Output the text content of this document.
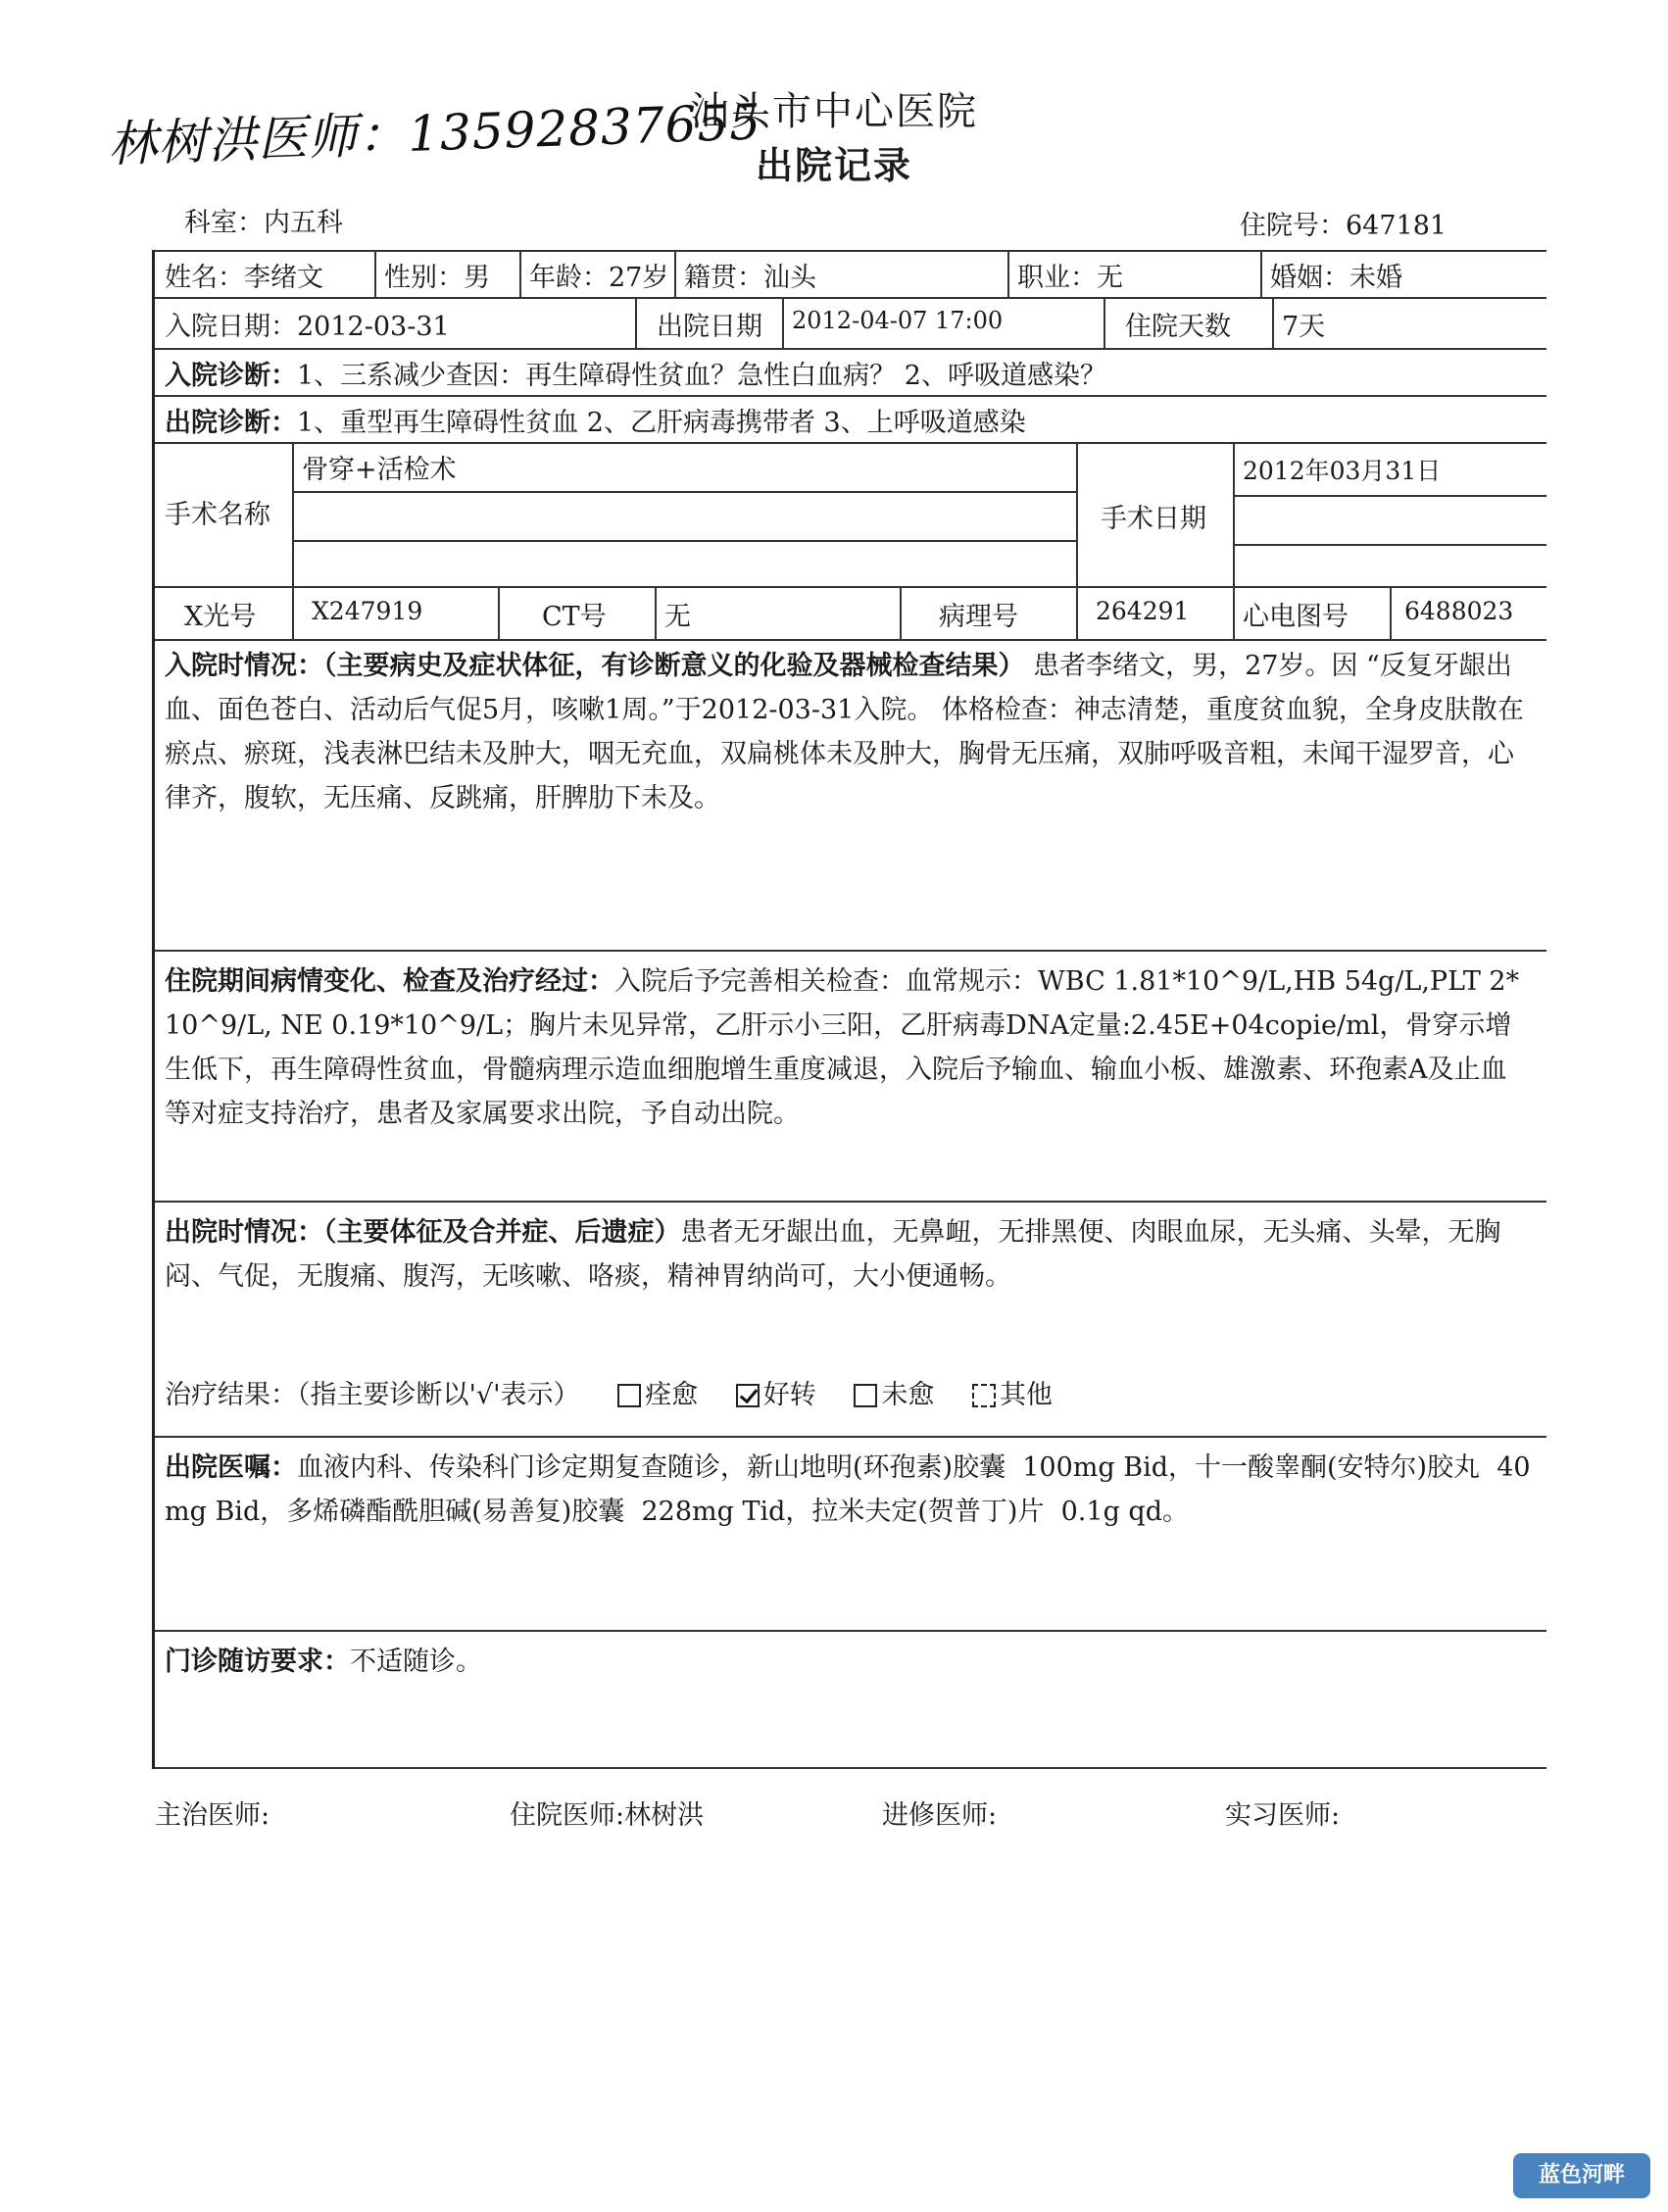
林树洪医师：13592837655
汕头市中心医院
出院记录
科室：内五科	住院号：647181
姓名：李绪文 性别：男 年龄：27岁 籍贯：汕头	职业：无	婚姻：未婚
入院日期：2012-03-31	出院日期 2012-04-07 17:00	住院天数 7天
入院诊断：1、三系减少查因：再生障碍性贫血？急性白血病？ 2、呼吸道感染？
出院诊断：1、重型再生障碍性贫血 2、乙肝病毒携带者 3、上呼吸道感染
手术名称
骨穿+活检术
手术日期
2012年03月31日
X光号 X247919	CT号 无	病理号	264291 心电图号 6488023
入院时情况：（主要病史及症状体征，有诊断意义的化验及器械检查结果） 患者李绪文，男，27岁。因 “反复牙龈出血、面色苍白、活动后气促5月，咳嗽1周。”于2012-03-31入院。 体格检查：神志清楚，重度贫血貌，全身皮肤散在瘀点、瘀斑，浅表淋巴结未及肿大，咽无充血，双扁桃体未及肿大，胸骨无压痛，双肺呼吸音粗，未闻干湿罗音，心律齐，腹软，无压痛、反跳痛，肝脾肋下未及。
住院期间病情变化、检查及治疗经过：入院后予完善相关检查：血常规示：WBC 1.81*10^9/L,HB 54g/L,PLT 2*10^9/L, NE 0.19*10^9/L；胸片未见异常，乙肝示小三阳，乙肝病毒DNA定量:2.45E+04copie/ml，骨穿示增生低下，再生障碍性贫血，骨髓病理示造血细胞增生重度减退，入院后予输血、输血小板、雄激素、环孢素A及止血等对症支持治疗，患者及家属要求出院，予自动出院。
出院时情况：（主要体征及合并症、后遗症）患者无牙龈出血，无鼻衄，无排黑便、肉眼血尿，无头痛、头晕，无胸闷、气促，无腹痛、腹泻，无咳嗽、咯痰，精神胃纳尚可，大小便通畅。
治疗结果：（指主要诊断以'√'表示） 痊愈 好转 未愈 其他
出院医嘱：血液内科、传染科门诊定期复查随诊，新山地明(环孢素)胶囊  100mg Bid，十一酸睾酮(安特尔)胶丸  40mg Bid，多烯磷酯酰胆碱(易善复)胶囊  228mg Tid，拉米夫定(贺普丁)片  0.1g qd。
门诊随访要求：不适随诊。
主治医师:	住院医师:林树洪	进修医师:	实习医师:
蓝色河畔
